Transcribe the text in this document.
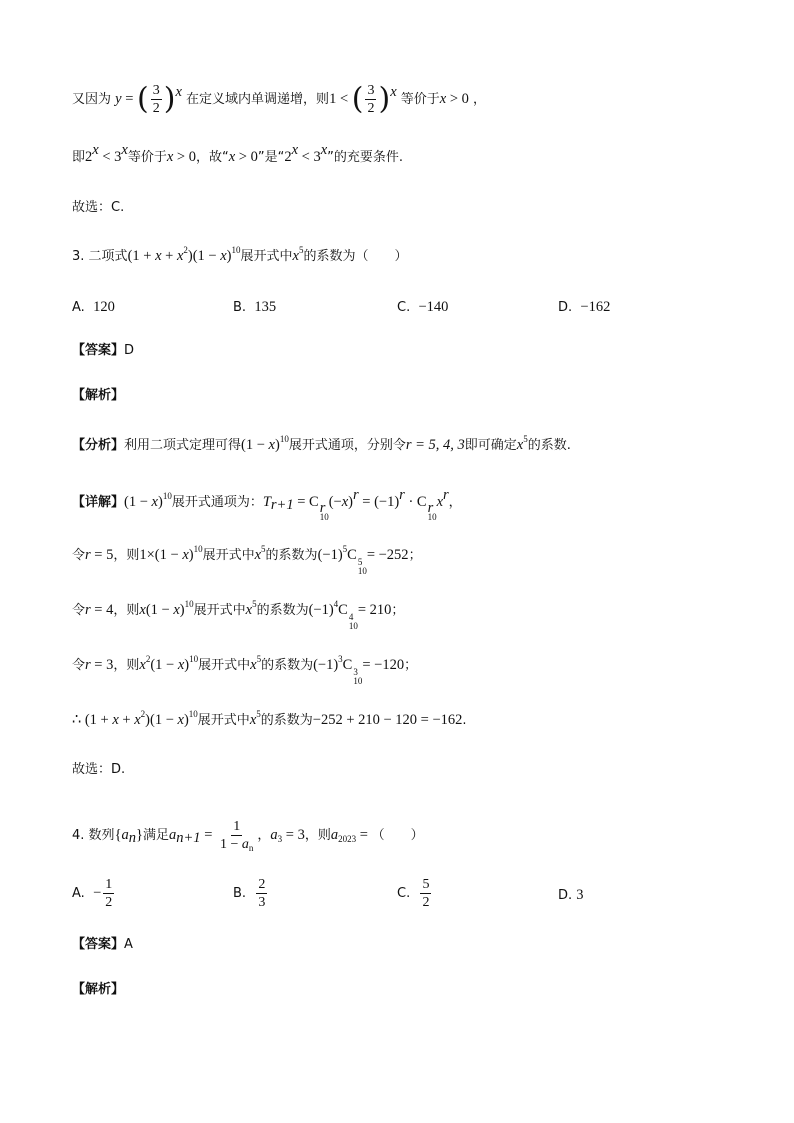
又因为 y = ( $\frac{3}{2} )^x$ 在定义域内单调递增，则1 < ( $\frac{3}{2} )^x$ 等价于x > 0 ，
即$2^x < 3^x$等价于x > 0，故“x > 0”是“$2^x < 3^x$”的充要条件.
故选：C.
3. 二项式$(1 + x + x^2)(1 - x)^{10}$展开式中$x^5$的系数为（　　）
A. 120	B. 135	C. −140	D. −162
【答案】D
【解析】
【分析】利用二项式定理可得$(1 - x)^{10}$展开式通项，分别令r = 5, 4, 3即可确定$x^5$的系数.
【详解】$(1 - x)^{10}$展开式通项为：$T_{r+1} = C$ r
10
$(-x)^r = (-1)^r \cdot C$ r
10
$x^r$，
令r = 5，则$1\times(1 - x)^{10}$展开式中$x^5$的系数为$(-1)^5C$ 5
10
= −252；
令r = 4，则$x(1 - x)^{10}$展开式中$x^5$的系数为$(-1)^4C$ 4
10
= 210；
令r = 3，则$x^2(1 - x)^{10}$展开式中$x^5$的系数为$(-1)^3C$ 3
10
= −120；
∴ $(1 + x + x^2)(1 - x)^{10}$展开式中$x^5$的系数为−252 + 210 − 120 = −162.
故选：D.
4. 数列$\{a_n\}$满足$a_{n+1} = \frac{1}{1 - a_n}$ ，$a_3 = 3$，则$a_{2023}$ = （　　）
A. − $\frac{1}{2}$	B. $\frac{2}{3}$	C. $\frac{5}{2}$	D. 3
【答案】A
【解析】
